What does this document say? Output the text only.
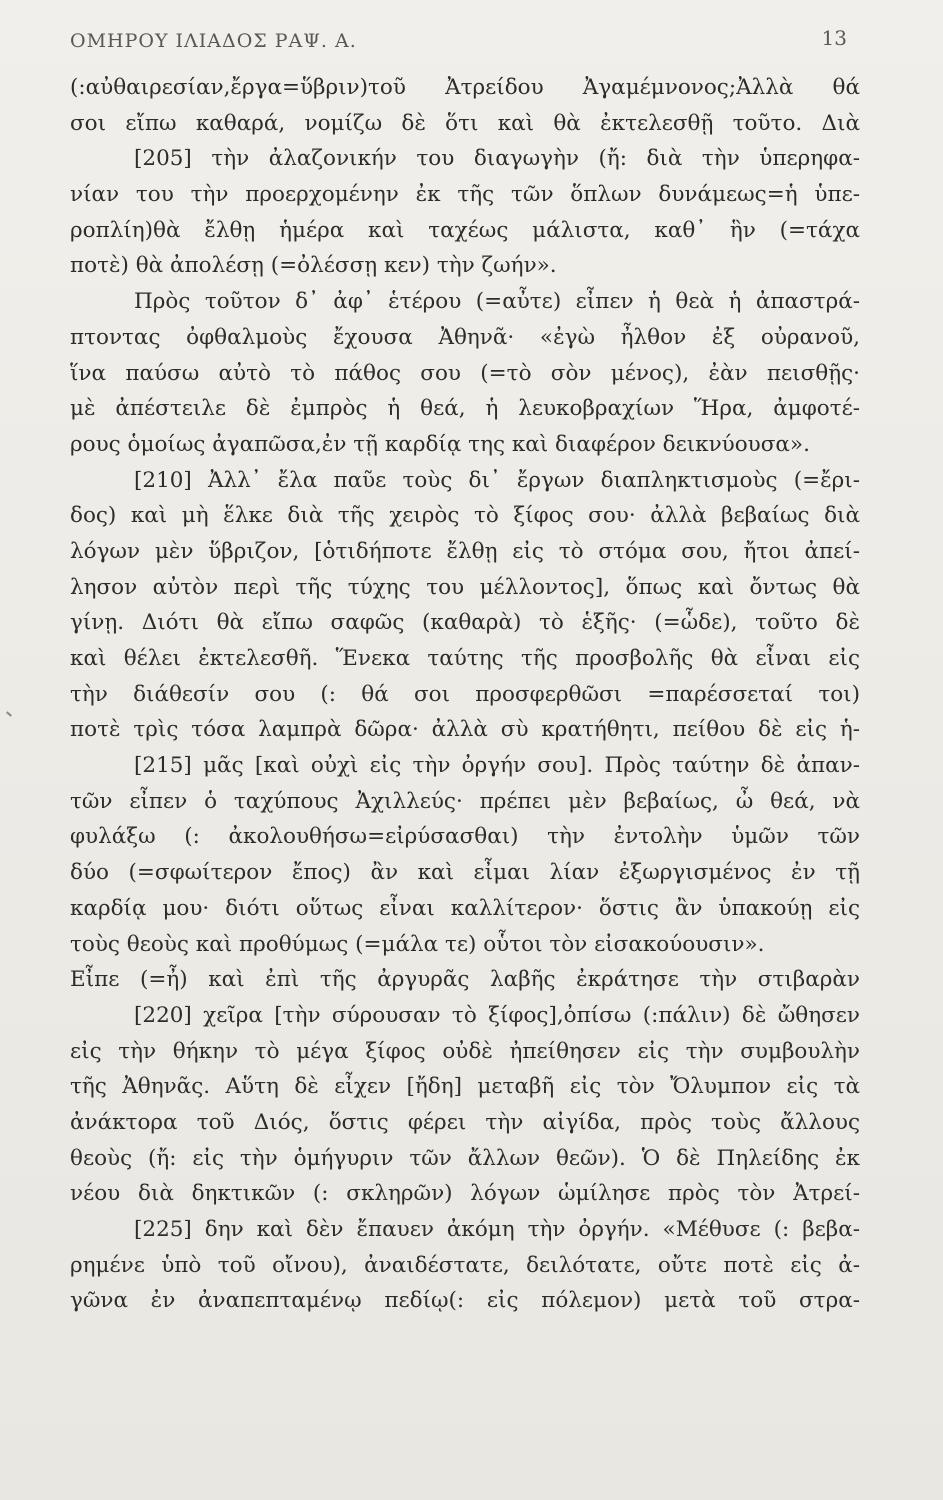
ΟΜΗΡΟΥ ΙΛΙΑΔΟΣ ΡΑΨ. Α.	13
(:αὐθαιρεσίαν,ἔργα=ὕβριν)τοῦ Ἀτρείδου Ἀγαμέμνονος;Ἀλλὰ θά
σοι εἴπω καθαρά, νομίζω δὲ ὅτι καὶ θὰ ἐκτελεσθῇ τοῦτο. Διὰ
[205] τὴν ἀλαζονικήν του διαγωγὴν (ἤ: διὰ τὴν ὑπερηφα-
νίαν του τὴν προερχομένην ἐκ τῆς τῶν ὅπλων δυνάμεως=ἡ ὑπε-
ροπλίη)θὰ ἔλθῃ ἡμέρα καὶ ταχέως μάλιστα, καθ᾽ ἣν (=τάχα
ποτὲ) θὰ ἀπολέσῃ (=ὀλέσσῃ κεν) τὴν ζωήν».
Πρὸς τοῦτον δ᾽ ἀφ᾽ ἑτέρου (=αὖτε) εἶπεν ἡ θεὰ ἡ ἀπαστρά-
πτοντας ὀφθαλμοὺς ἔχουσα Ἀθηνᾶ· «ἐγὼ ἦλθον ἐξ οὐρανοῦ,
ἵνα παύσω αὐτὸ τὸ πάθος σου (=τὸ σὸν μένος), ἐὰν πεισθῇς·
μὲ ἀπέστειλε δὲ ἐμπρὸς ἡ θεά, ἡ λευκοβραχίων Ἥρα, ἀμφοτέ-
ρους ὁμοίως ἀγαπῶσα,ἐν τῇ καρδίᾳ της καὶ διαφέρον δεικνύουσα».
[210] Ἀλλ᾽ ἔλα παῦε τοὺς δι᾽ ἔργων διαπληκτισμοὺς (=ἔρι-
δος) καὶ μὴ ἕλκε διὰ τῆς χειρὸς τὸ ξίφος σου· ἀλλὰ βεβαίως διὰ
λόγων μὲν ὕβριζον, [ὁτιδήποτε ἔλθῃ εἰς τὸ στόμα σου, ἤτοι ἀπεί-
λησον αὐτὸν περὶ τῆς τύχης του μέλλοντος], ὅπως καὶ ὄντως θὰ
γίνῃ. Διότι θὰ εἴπω σαφῶς (καθαρὰ) τὸ ἑξῆς· (=ὧδε), τοῦτο δὲ
καὶ θέλει ἐκτελεσθῆ. Ἕνεκα ταύτης τῆς προσβολῆς θὰ εἶναι εἰς
τὴν διάθεσίν σου (: θά σοι προσφερθῶσι =παρέσσεταί τοι)
ποτὲ τρὶς τόσα λαμπρὰ δῶρα· ἀλλὰ σὺ κρατήθητι, πείθου δὲ εἰς ἡ-
[215] μᾶς [καὶ οὐχὶ εἰς τὴν ὀργήν σου]. Πρὸς ταύτην δὲ ἀπαν-
τῶν εἶπεν ὁ ταχύπους Ἀχιλλεύς· πρέπει μὲν βεβαίως, ὦ θεά, νὰ
φυλάξω (: ἀκολουθήσω=εἰρύσασθαι) τὴν ἐντολὴν ὑμῶν τῶν
δύο (=σφωίτερον ἔπος) ἂν καὶ εἶμαι λίαν ἐξωργισμένος ἐν τῇ
καρδίᾳ μου· διότι οὕτως εἶναι καλλίτερον· ὅστις ἂν ὑπακούῃ εἰς
τοὺς θεοὺς καὶ προθύμως (=μάλα τε) οὗτοι τὸν εἰσακούουσιν».
Εἶπε (=ἦ) καὶ ἐπὶ τῆς ἀργυρᾶς λαβῆς ἐκράτησε τὴν στιβαρὰν
[220] χεῖρα [τὴν σύρουσαν τὸ ξίφος],ὀπίσω (:πάλιν) δὲ ὤθησεν
εἰς τὴν θήκην τὸ μέγα ξίφος οὐδὲ ἠπείθησεν εἰς τὴν συμβουλὴν
τῆς Ἀθηνᾶς. Αὕτη δὲ εἶχεν [ἤδη] μεταβῆ εἰς τὸν Ὄλυμπον εἰς τὰ
ἀνάκτορα τοῦ Διός, ὅστις φέρει τὴν αἰγίδα, πρὸς τοὺς ἄλλους
θεοὺς (ἤ: εἰς τὴν ὁμήγυριν τῶν ἄλλων θεῶν). Ὁ δὲ Πηλείδης ἐκ
νέου διὰ δηκτικῶν (: σκληρῶν) λόγων ὡμίλησε πρὸς τὸν Ἀτρεί-
[225] δην καὶ δὲν ἔπαυεν ἀκόμη τὴν ὀργήν. «Μέθυσε (: βεβα-
ρημένε ὑπὸ τοῦ οἴνου), ἀναιδέστατε, δειλότατε, οὔτε ποτὲ εἰς ἀ-
γῶνα ἐν ἀναπεπταμένῳ πεδίῳ(: εἰς πόλεμον) μετὰ τοῦ στρα-
